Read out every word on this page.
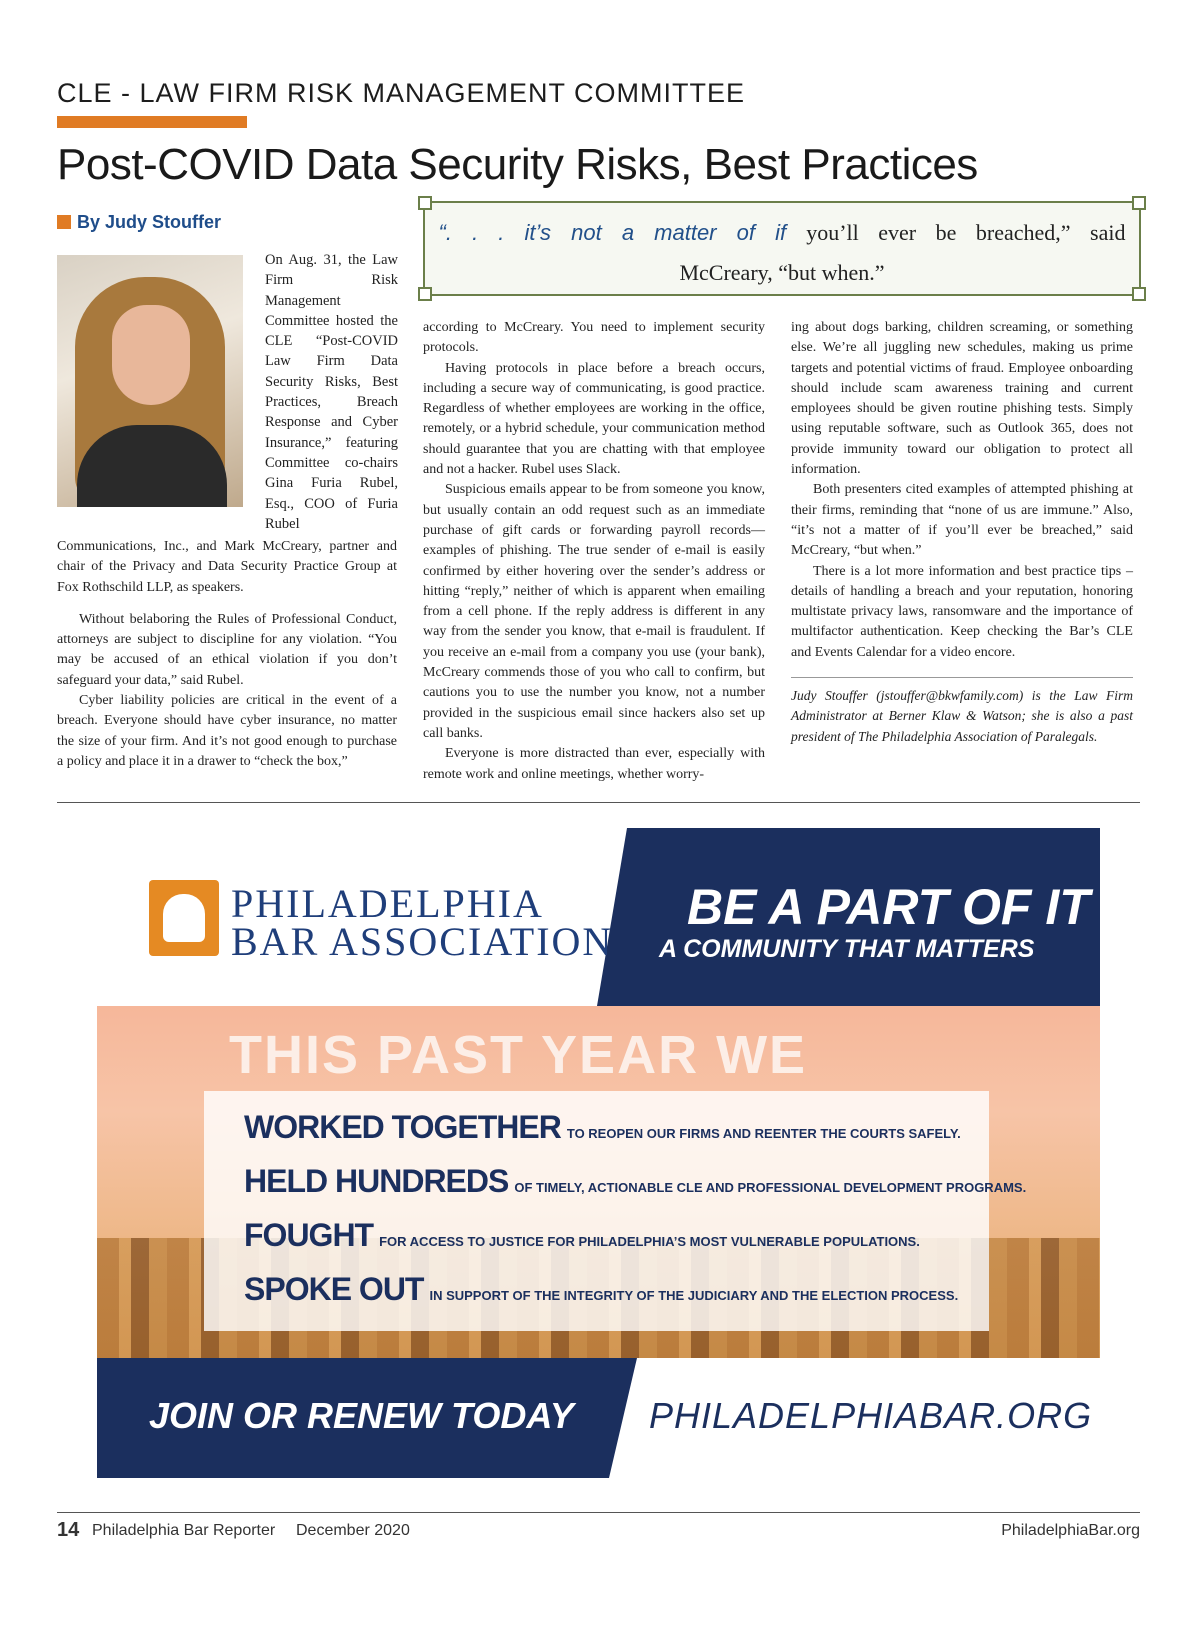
CLE - LAW FIRM RISK MANAGEMENT COMMITTEE
Post-COVID Data Security Risks, Best Practices
By Judy Stouffer

On Aug. 31, the Law Firm Risk Management Committee hosted the CLE “Post-COVID Law Firm Data Security Risks, Best Practices, Breach Response and Cyber Insurance,” featuring Committee co-chairs Gina Furia Rubel, Esq., COO of Furia Rubel

Communications, Inc., and Mark McCreary, partner and chair of the Privacy and Data Security Practice Group at Fox Rothschild LLP, as speakers.

Without belaboring the Rules of Professional Conduct, attorneys are subject to discipline for any violation. “You may be accused of an ethical violation if you don’t safeguard your data,” said Rubel.

Cyber liability policies are critical in the event of a breach. Everyone should have cyber insurance, no matter the size of your firm. And it’s not good enough to purchase a policy and place it in a drawer to “check the box,”

“. . . it’s not a matter of if you’ll ever be breached,” said
McCreary, “but when.”

according to McCreary. You need to implement security protocols.

Having protocols in place before a breach occurs, including a secure way of communicating, is good practice. Regardless of whether employees are working in the office, remotely, or a hybrid schedule, your communication method should guarantee that you are chatting with that employee and not a hacker. Rubel uses Slack.

Suspicious emails appear to be from someone you know, but usually contain an odd request such as an immediate purchase of gift cards or forwarding payroll records—examples of phishing. The true sender of e-mail is easily confirmed by either hovering over the sender’s address or hitting “reply,” neither of which is apparent when emailing from a cell phone. If the reply address is different in any way from the sender you know, that e-mail is fraudulent. If you receive an e-mail from a company you use (your bank), McCreary commends those of you who call to confirm, but cautions you to use the number you know, not a number provided in the suspicious email since hackers also set up call banks.

Everyone is more distracted than ever, especially with remote work and online meetings, whether worry-

ing about dogs barking, children screaming, or something else. We’re all juggling new schedules, making us prime targets and potential victims of fraud. Employee onboarding should include scam awareness training and current employees should be given routine phishing tests. Simply using reputable software, such as Outlook 365, does not provide immunity toward our obligation to protect all information.

Both presenters cited examples of attempted phishing at their firms, reminding that “none of us are immune.” Also, “it’s not a matter of if you’ll ever be breached,” said McCreary, “but when.”

There is a lot more information and best practice tips – details of handling a breach and your reputation, honoring multistate privacy laws, ransomware and the importance of multifactor authentication. Keep checking the Bar’s CLE and Events Calendar for a video encore.

Judy Stouffer (jstouffer@bkwfamily.com) is the Law Firm Administrator at Berner Klaw & Watson; she is also a past president of The Philadelphia Association of Paralegals.
PHILADELPHIA
BAR ASSOCIATION
BE A PART OF IT
A COMMUNITY THAT MATTERS
THIS PAST YEAR WE
WORKED TOGETHER TO REOPEN OUR FIRMS AND REENTER THE COURTS SAFELY.
HELD HUNDREDS OF TIMELY, ACTIONABLE CLE AND PROFESSIONAL DEVELOPMENT PROGRAMS.
FOUGHT FOR ACCESS TO JUSTICE FOR PHILADELPHIA’S MOST VULNERABLE POPULATIONS.
SPOKE OUT IN SUPPORT OF THE INTEGRITY OF THE JUDICIARY AND THE ELECTION PROCESS.
JOIN OR RENEW TODAY PHILADELPHIABAR.ORG
14 Philadelphia Bar Reporter December 2020	PhiladelphiaBar.org
